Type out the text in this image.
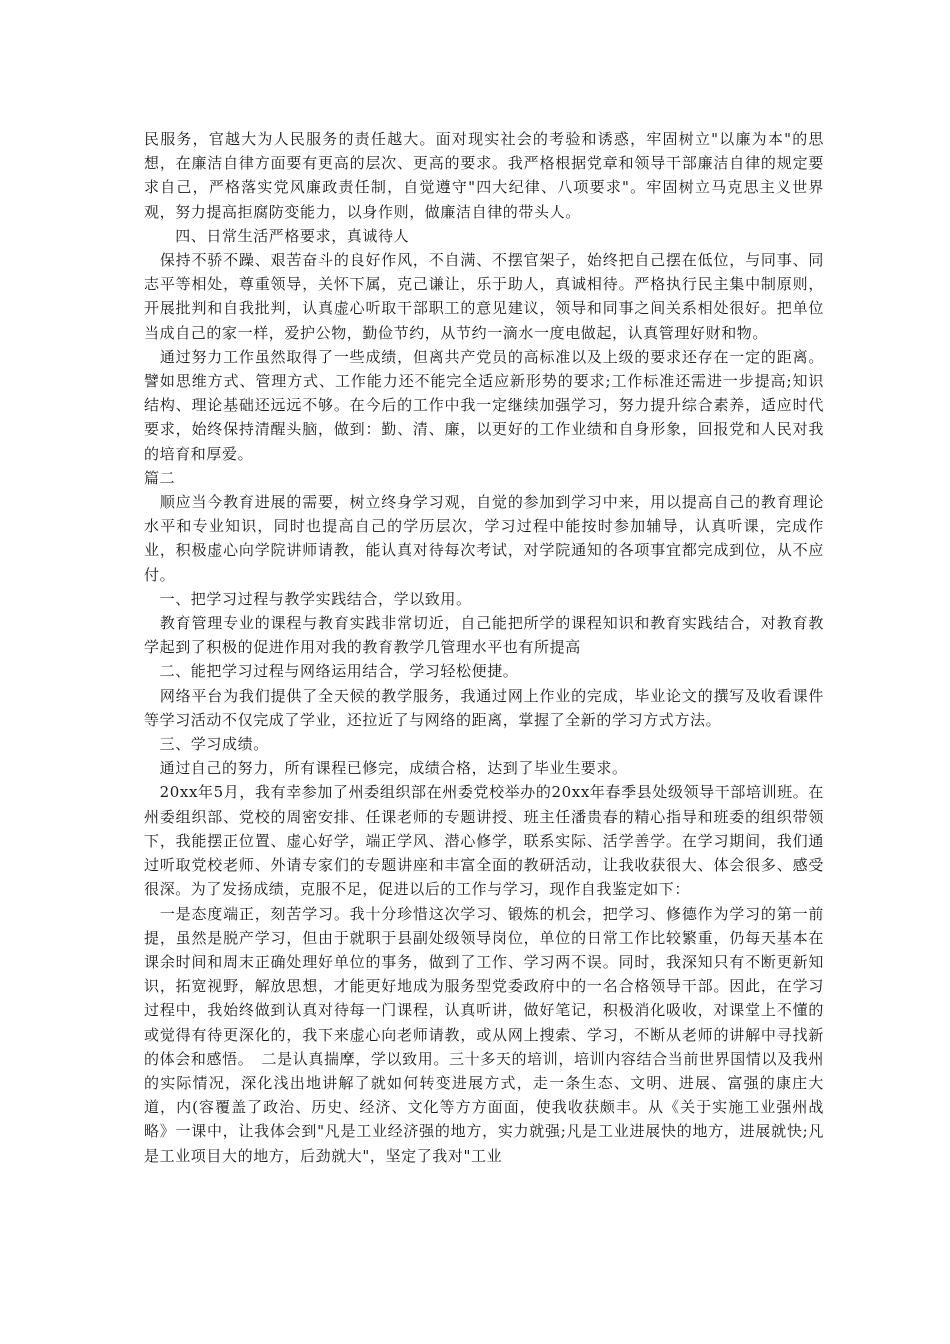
民服务，官越大为人民服务的责任越大。面对现实社会的考验和诱惑，牢固树立"以廉为本"的思想，在廉洁自律方面要有更高的层次、更高的要求。我严格根据党章和领导干部廉洁自律的规定要求自己，严格落实党风廉政责任制，自觉遵守"四大纪律、八项要求"。牢固树立马克思主义世界观，努力提高拒腐防变能力，以身作则，做廉洁自律的带头人。

　　四、日常生活严格要求，真诚待人

　保持不骄不躁、艰苦奋斗的良好作风，不自满、不摆官架子，始终把自己摆在低位，与同事、同志平等相处，尊重领导，关怀下属，克己谦让，乐于助人，真诚相待。严格执行民主集中制原则，开展批判和自我批判，认真虚心听取干部职工的意见建议，领导和同事之间关系相处很好。把单位当成自己的家一样，爱护公物，勤俭节约，从节约一滴水一度电做起，认真管理好财和物。

　通过努力工作虽然取得了一些成绩，但离共产党员的高标准以及上级的要求还存在一定的距离。譬如思维方式、管理方式、工作能力还不能完全适应新形势的要求;工作标准还需进一步提高;知识结构、理论基础还远远不够。在今后的工作中我一定继续加强学习，努力提升综合素养，适应时代要求，始终保持清醒头脑，做到：勤、清、廉，以更好的工作业绩和自身形象，回报党和人民对我的培育和厚爱。

篇二

　顺应当今教育进展的需要，树立终身学习观，自觉的参加到学习中来，用以提高自己的教育理论水平和专业知识，同时也提高自己的学历层次，学习过程中能按时参加辅导，认真听课，完成作业，积极虚心向学院讲师请教，能认真对待每次考试，对学院通知的各项事宜都完成到位，从不应付。

　一、把学习过程与教学实践结合，学以致用。

　教育管理专业的课程与教育实践非常切近，自己能把所学的课程知识和教育实践结合，对教育教学起到了积极的促进作用对我的教育教学几管理水平也有所提高

　二、能把学习过程与网络运用结合，学习轻松便捷。

　网络平台为我们提供了全天候的教学服务，我通过网上作业的完成，毕业论文的撰写及收看课件等学习活动不仅完成了学业，还拉近了与网络的距离，掌握了全新的学习方式方法。

　三、学习成绩。

　通过自己的努力，所有课程已修完，成绩合格，达到了毕业生要求。

　20xx年5月，我有幸参加了州委组织部在州委党校举办的20xx年春季县处级领导干部培训班。在州委组织部、党校的周密安排、任课老师的专题讲授、班主任潘贵春的精心指导和班委的组织带领下，我能摆正位置、虚心好学，端正学风、潜心修学，联系实际、活学善学。在学习期间，我们通过听取党校老师、外请专家们的专题讲座和丰富全面的教研活动，让我收获很大、体会很多、感受很深。为了发扬成绩，克服不足，促进以后的工作与学习，现作自我鉴定如下：

　一是态度端正，刻苦学习。我十分珍惜这次学习、锻炼的机会，把学习、修德作为学习的第一前提，虽然是脱产学习，但由于就职于县副处级领导岗位，单位的日常工作比较繁重，仍每天基本在课余时间和周末正确处理好单位的事务，做到了工作、学习两不误。同时，我深知只有不断更新知识，拓宽视野，解放思想，才能更好地成为服务型党委政府中的一名合格领导干部。因此，在学习过程中，我始终做到认真对待每一门课程，认真听讲，做好笔记，积极消化吸收，对课堂上不懂的或觉得有待更深化的，我下来虚心向老师请教，或从网上搜索、学习，不断从老师的讲解中寻找新的体会和感悟。　二是认真揣摩，学以致用。三十多天的培训，培训内容结合当前世界国情以及我州的实际情况，深化浅出地讲解了就如何转变进展方式，走一条生态、文明、进展、富强的康庄大道，内(容覆盖了政治、历史、经济、文化等方方面面，使我收获颇丰。从《关于实施工业强州战略》一课中，让我体会到"凡是工业经济强的地方，实力就强;凡是工业进展快的地方，进展就快;凡是工业项目大的地方，后劲就大"，坚定了我对"工业
